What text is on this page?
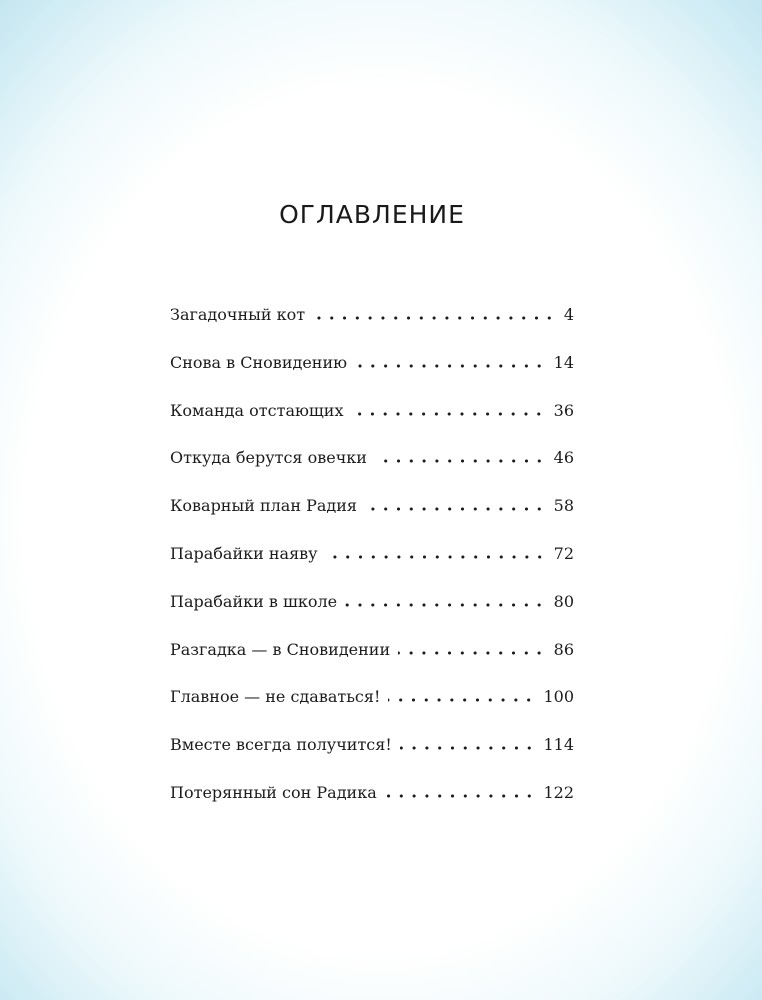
ОГЛАВЛЕНИЕ
Загадочный кот	4
Снова в Сновидению	14
Команда отстающих	36
Откуда берутся овечки	46
Коварный план Радия	58
Парабайки наяву	72
Парабайки в школе	80
Разгадка — в Сновидении	86
Главное — не сдаваться!	100
Вместе всегда получится!	114
Потерянный сон Радика	122
